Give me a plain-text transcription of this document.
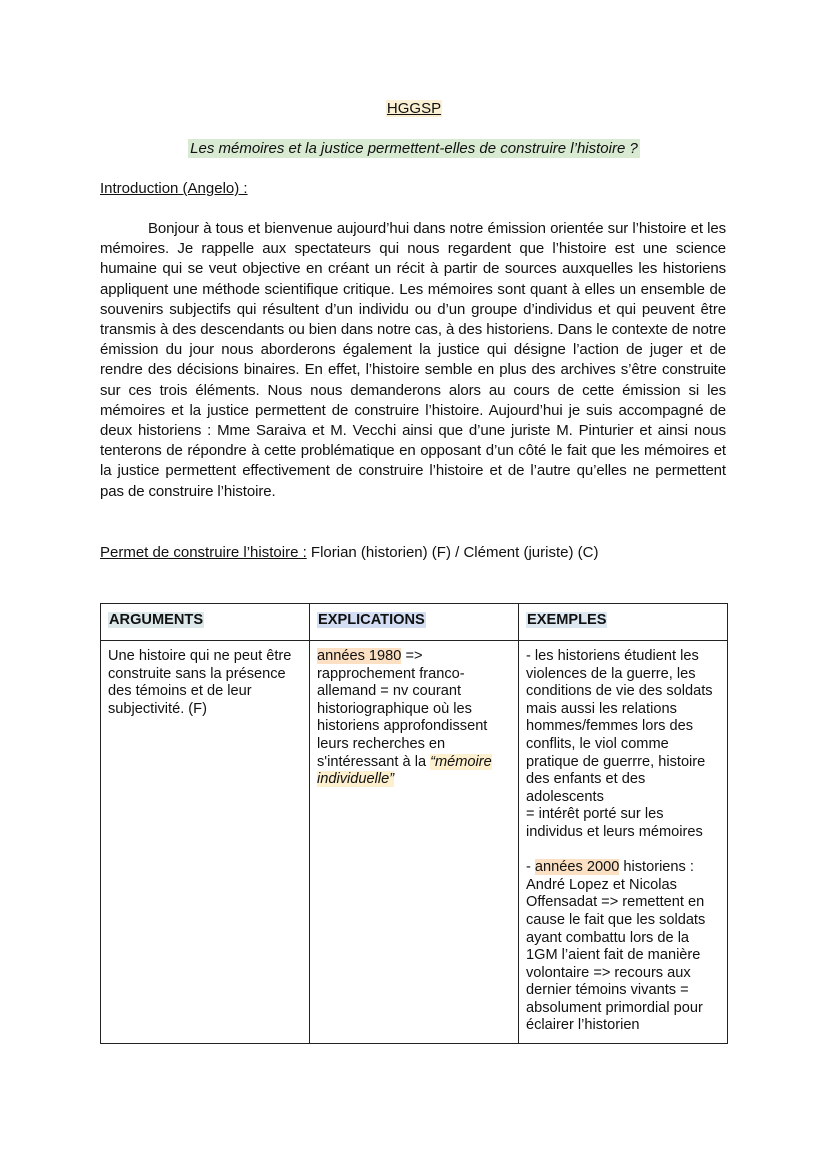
HGGSP
Les mémoires et la justice permettent-elles de construire l’histoire ?
Introduction (Angelo) :
Bonjour à tous et bienvenue aujourd’hui dans notre émission orientée sur l’histoire et les mémoires. Je rappelle aux spectateurs qui nous regardent que l’histoire est une science humaine qui se veut objective en créant un récit à partir de sources auxquelles les historiens appliquent une méthode scientifique critique. Les mémoires sont quant à elles un ensemble de souvenirs subjectifs qui résultent d’un individu ou d’un groupe d’individus et qui peuvent être transmis à des descendants ou bien dans notre cas, à des historiens. Dans le contexte de notre émission du jour nous aborderons également la justice qui désigne l’action de juger et de rendre des décisions binaires. En effet, l’histoire semble en plus des archives s’être construite sur ces trois éléments. Nous nous demanderons alors au cours de cette émission si les mémoires et la justice permettent de construire l’histoire. Aujourd’hui je suis accompagné de deux historiens : Mme Saraiva et M. Vecchi ainsi que d’une juriste M. Pinturier et ainsi nous tenterons de répondre à cette problématique en opposant d’un côté le fait que les mémoires et la justice permettent effectivement de construire l’histoire et de l’autre qu’elles ne permettent pas de construire l’histoire.
Permet de construire l’histoire : Florian (historien) (F) / Clément (juriste) (C)
ARGUMENTS	EXPLICATIONS	EXEMPLES
Une histoire qui ne peut être construite sans la présence des témoins et de leur subjectivité. (F)	années 1980 => rapprochement franco-allemand = nv courant historiographique où les historiens approfondissent leurs recherches en s'intéressant à la “mémoire individuelle”	- les historiens étudient les violences de la guerre, les conditions de vie des soldats mais aussi les relations hommes/femmes lors des conflits, le viol comme pratique de guerrre, histoire des enfants et des adolescents
= intérêt porté sur les individus et leurs mémoires
- années 2000 historiens : André Lopez et Nicolas Offensadat => remettent en cause le fait que les soldats ayant combattu lors de la 1GM l’aient fait de manière volontaire => recours aux dernier témoins vivants = absolument primordial pour éclairer l’historien
